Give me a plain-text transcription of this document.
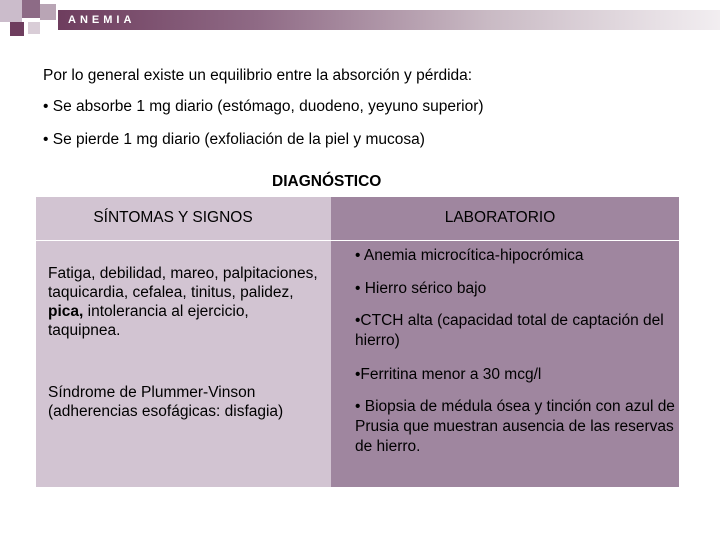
ANEMIA
Por lo general existe un equilibrio entre la absorción y pérdida:
• Se absorbe 1 mg diario (estómago, duodeno, yeyuno superior)
• Se pierde 1 mg diario (exfoliación de la piel y mucosa)
DIAGNÓSTICO
SÍNTOMAS Y SIGNOS	LABORATORIO
Fatiga, debilidad, mareo, palpitaciones, taquicardia, cefalea, tinitus, palidez, pica, intolerancia al ejercicio, taquipnea.
Síndrome de Plummer-Vinson (adherencias esofágicas: disfagia)
• Anemia microcítica-hipocrómica
• Hierro sérico bajo
•CTCH alta (capacidad total de captación del hierro)
•Ferritina menor a 30 mcg/l
• Biopsia de médula ósea y tinción con azul de Prusia que muestran ausencia de las reservas de hierro.
